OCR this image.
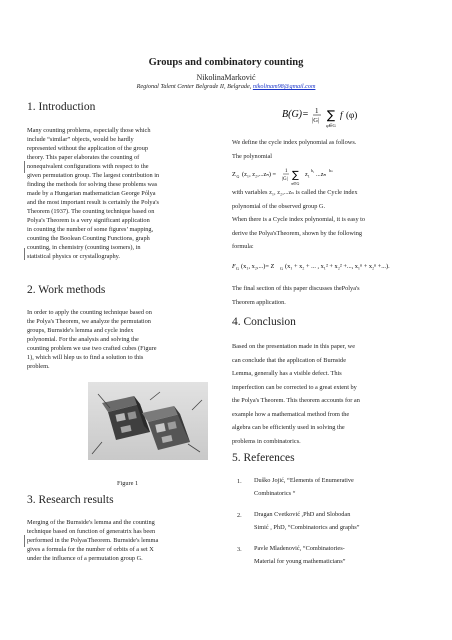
Groups and combinatory counting
NikolinaMarković
Regional Talent Center Belgrade II, Belgrade, nikolinam98@gmail.com
1. Introduction
Many counting problems, especially those which
include “similar” objects, would be hardly
represented without the application of the group
theory. This paper elaborates the counting of
nonequivalent configurations with respect to the
given permutation group. The largest contribution in
finding the methods for solving these problems was
made by a Hungarian mathematician George Pólya
and the most important result is certainly the Polya's
Theorem (1937). The counting technique based on
Polya's Theorem is a very significant application
in counting the number of some figures’ mapping,
counting the Boolean Counting Functions, graph
counting, in chemistry (counting isomers), in
statistical physics or crystallography.
2. Work methods
In order to apply the counting technique based on
the Polya's Theorem, we analyze the permutation
groups, Burnside's lemma and cycle index
polynomial. For the analysis and solving the
counting problem we use two crafted cubes (Figure
1), which will hlep us to find a solution to this
problem.
Figure 1
3. Research results
Merging of the Burnside's lemma and the counting
technique based on function of generatrix has been
performed in the PolyasTheorem. Burnside's lemma
gives a formula for the number of orbits of a set X
under the influence of a permutation group G.
B(G)= 1
|G| ∑
φ∈G
f (φ)
We define the cycle index polynomial as follows.
The polynomial
Z G (z₁, z₂,...zₙ) = 1
|G| ∑
π∈G
z₁
b₁
...zₙ
bₙ
with variables z₁, z₂,...zₙ is called the Cycle index
polynomial of the observed group G.
When there is a Cycle index polynomial, it is easy to
derive the Polya'sTheorem, shown by the following
formula:
F G (x₁, x₂,...)= Z G (x₁ + x₂ + ... , x₁² + x₂² +..., x₁ⁿ + x₂ⁿ +...).
The final section of this paper discusses thePolya's
Theorem application.
4. Conclusion
Based on the presentation made in this paper, we
can conclude that the application of Burnside
Lemma, generally has a visible defect. This
imperfection can be corrected to a great extent by
the Polya's Theorem. This theorem accounts for an
example how a mathematical method from the
algebra can be efficiently used in solving the
problems in combinatorics.
5. References
1. Duško Jojić, “Elements of Enumerative
Combinatorics “
2. Dragan Cvetković ,PhD and Slobodan
Simić , PhD, “Combinatorics and graphs”
3. Pavle Mladenović, “Combinatories-
Material for young mathematicians”
